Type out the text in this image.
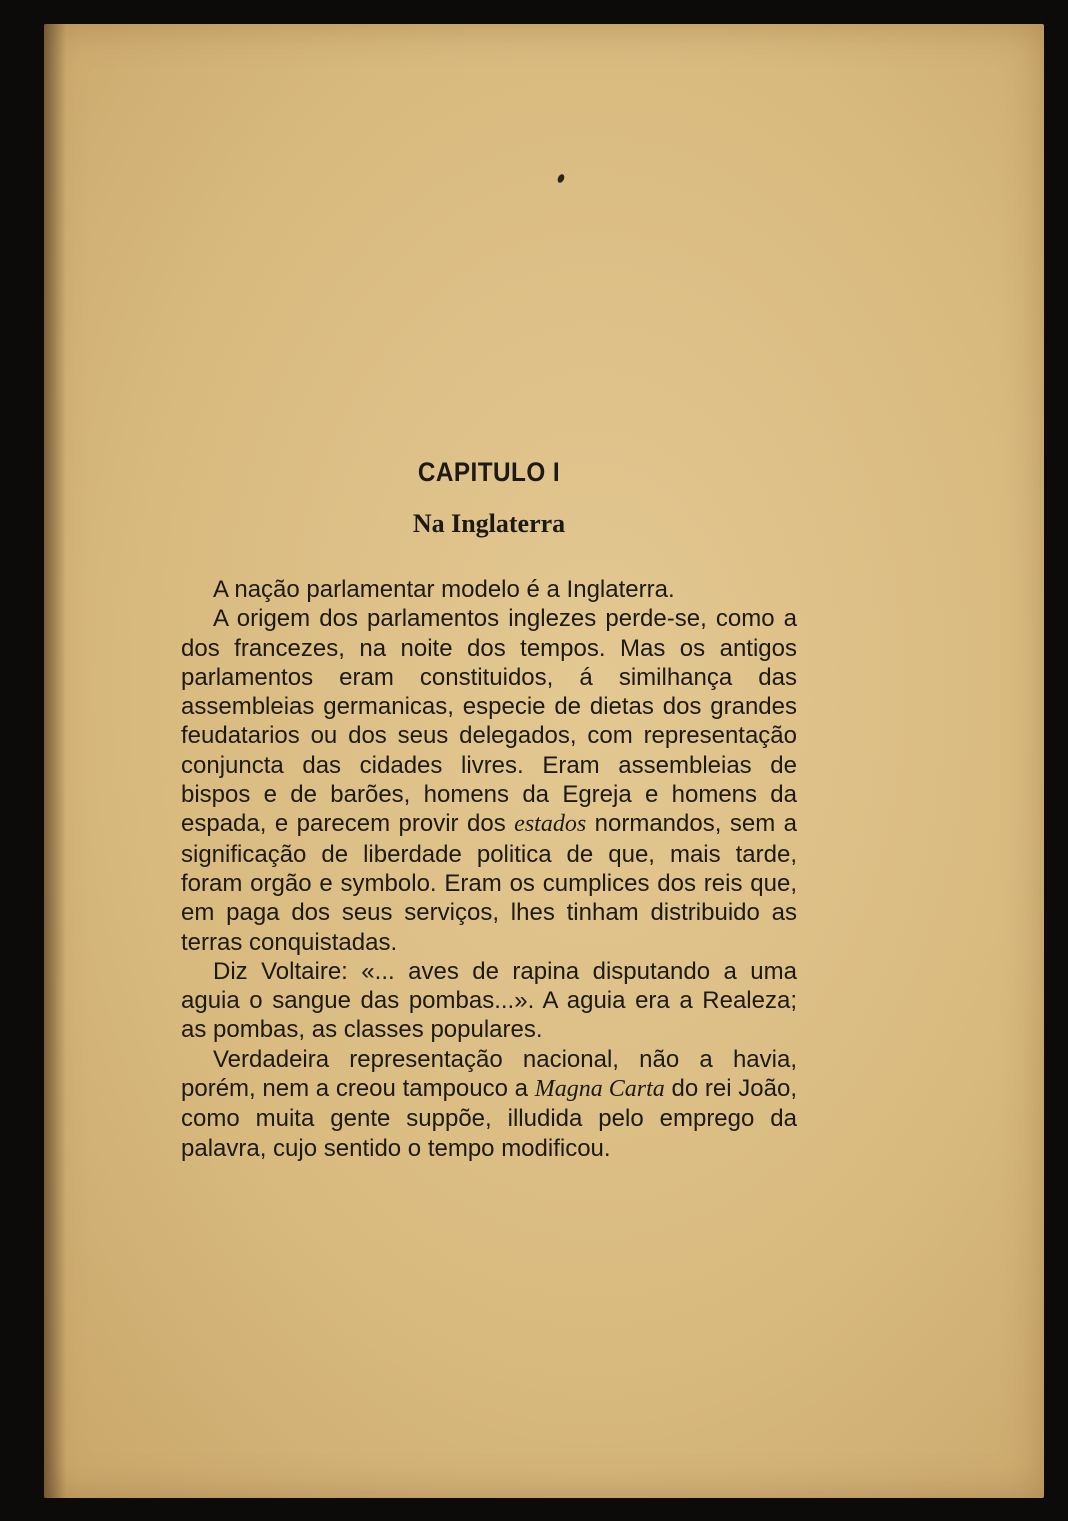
CAPITULO I
Na Inglaterra

A nação parlamentar modelo é a Inglaterra.

A origem dos parlamentos inglezes perde-se, como a dos francezes, na noite dos tempos. Mas os antigos parlamentos eram constituidos, á similhança das assembleias germanicas, especie de dietas dos grandes feudatarios ou dos seus delegados, com representação conjuncta das cidades livres. Eram assembleias de bispos e de barões, homens da Egreja e homens da espada, e parecem provir dos estados normandos, sem a significação de liberdade politica de que, mais tarde, foram orgão e symbolo. Eram os cumplices dos reis que, em paga dos seus serviços, lhes tinham distribuido as terras conquistadas.

Diz Voltaire: «... aves de rapina disputando a uma aguia o sangue das pombas...». A aguia era a Realeza; as pombas, as classes populares.

Verdadeira representação nacional, não a havia, porém, nem a creou tampouco a Magna Carta do rei João, como muita gente suppõe, illudida pelo emprego da palavra, cujo sentido o tempo modificou.
